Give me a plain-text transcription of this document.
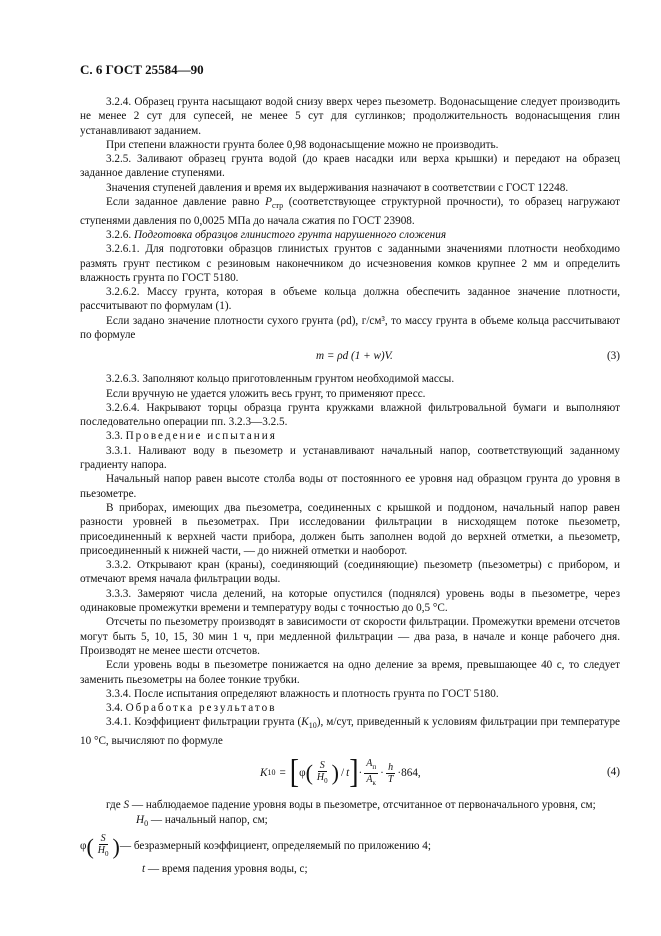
С. 6 ГОСТ 25584—90

3.2.4. Образец грунта насыщают водой снизу вверх через пьезометр. Водонасыщение следует производить не менее 2 сут для супесей, не менее 5 сут для суглинков; продолжительность водонасыщения глин устанавливают заданием.

При степени влажности грунта более 0,98 водонасыщение можно не производить.

3.2.5. Заливают образец грунта водой (до краев насадки или верха крышки) и передают на образец заданное давление ступенями.

Значения ступеней давления и время их выдерживания назначают в соответствии с ГОСТ 12248.

Если заданное давление равно $P_{стр}$ (соответствующее структурной прочности), то образец нагружают ступенями давления по 0,0025 МПа до начала сжатия по ГОСТ 23908.

3.2.6. Подготовка образцов глинистого грунта нарушенного сложения

3.2.6.1. Для подготовки образцов глинистых грунтов с заданными значениями плотности необходимо размять грунт пестиком с резиновым наконечником до исчезновения комков крупнее 2 мм и определить влажность грунта по ГОСТ 5180.

3.2.6.2. Массу грунта, которая в объеме кольца должна обеспечить заданное значение плотности, рассчитывают по формулам (1).

Если задано значение плотности сухого грунта (ρd), г/см³, то массу грунта в объеме кольца рассчитывают по формуле

m = ρd (1 + w)V.	(3)

3.2.6.3. Заполняют кольцо приготовленным грунтом необходимой массы.

Если вручную не удается уложить весь грунт, то применяют пресс.

3.2.6.4. Накрывают торцы образца грунта кружками влажной фильтровальной бумаги и выполняют последовательно операции пп. 3.2.3—3.2.5.

3.3. Проведение испытания

3.3.1. Наливают воду в пьезометр и устанавливают начальный напор, соответствующий заданному градиенту напора.

Начальный напор равен высоте столба воды от постоянного ее уровня над образцом грунта до уровня в пьезометре.

В приборах, имеющих два пьезометра, соединенных с крышкой и поддоном, начальный напор равен разности уровней в пьезометрах. При исследовании фильтрации в нисходящем потоке пьезометр, присоединенный к верхней части прибора, должен быть заполнен водой до верхней отметки, а пьезометр, присоединенный к нижней части, — до нижней отметки и наоборот.

3.3.2. Открывают кран (краны), соединяющий (соединяющие) пьезометр (пьезометры) с прибором, и отмечают время начала фильтрации воды.

3.3.3. Замеряют числа делений, на которые опустился (поднялся) уровень воды в пьезометре, через одинаковые промежутки времени и температуру воды с точностью до 0,5 °С.

Отсчеты по пьезометру производят в зависимости от скорости фильтрации. Промежутки времени отсчетов могут быть 5, 10, 15, 30 мин 1 ч, при медленной фильтрации — два раза, в начале и конце рабочего дня. Производят не менее шести отсчетов.

Если уровень воды в пьезометре понижается на одно деление за время, превышающее 40 с, то следует заменить пьезометры на более тонкие трубки.

3.3.4. После испытания определяют влажность и плотность грунта по ГОСТ 5180.

3.4. Обработка результатов

3.4.1. Коэффициент фильтрации грунта $(K_{10})$, м/сут, приведенный к условиям фильтрации при температуре 10 °С, вычисляют по формуле

K 10 = [ φ ( $\frac{S}{H_0}$ ) / t ] · $\frac{A_п}{A_к} \cdot \frac{h}{T} \cdot 864$,	(4)

где S — наблюдаемое падение уровня воды в пьезометре, отсчитанное от первоначального уровня, см;

$H_0$ — начальный напор, см;

φ ( $\frac{S}{H_0}$ ) — безразмерный коэффициент, определяемый по приложению 4;

t — время падения уровня воды, с;
